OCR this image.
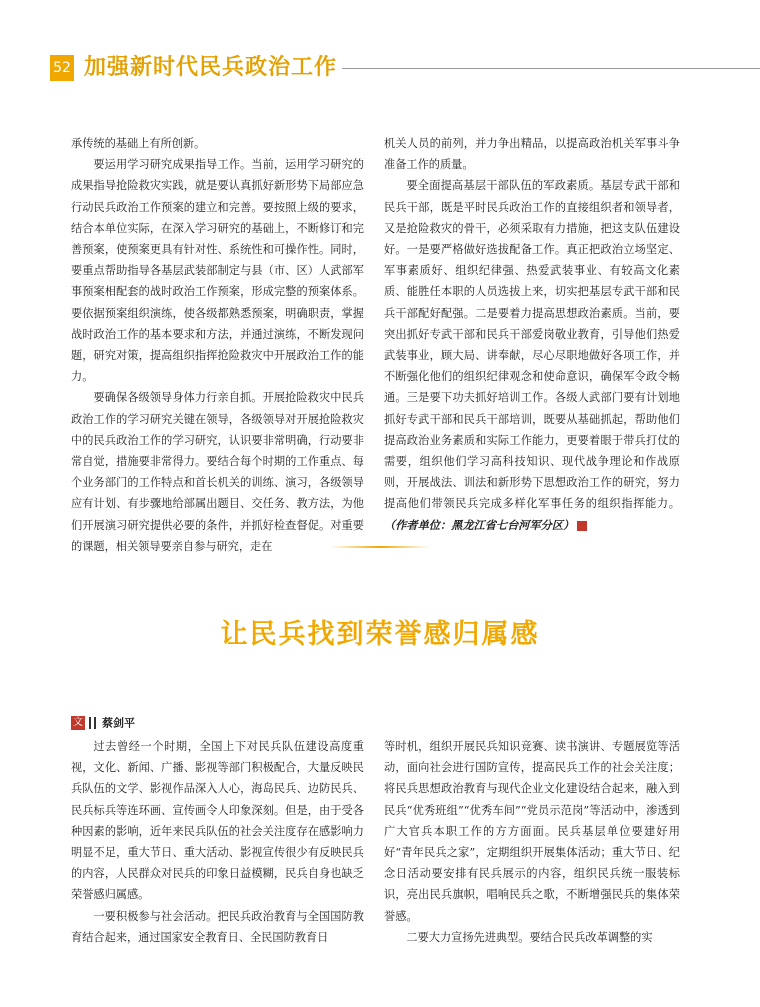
52 加强新时代民兵政治工作

承传统的基础上有所创新。

要运用学习研究成果指导工作。当前，运用学习研究的成果指导抢险救灾实践，就是要认真抓好新形势下局部应急行动民兵政治工作预案的建立和完善。要按照上级的要求，结合本单位实际，在深入学习研究的基础上，不断修订和完善预案，使预案更具有针对性、系统性和可操作性。同时，要重点帮助指导各基层武装部制定与县（市、区）人武部军事预案相配套的战时政治工作预案，形成完整的预案体系。要依据预案组织演练，使各级都熟悉预案，明确职责，掌握战时政治工作的基本要求和方法，并通过演练，不断发现问题，研究对策，提高组织指挥抢险救灾中开展政治工作的能力。

要确保各级领导身体力行亲自抓。开展抢险救灾中民兵政治工作的学习研究关键在领导，各级领导对开展抢险救灾中的民兵政治工作的学习研究，认识要非常明确，行动要非常自觉，措施要非常得力。要结合每个时期的工作重点、每个业务部门的工作特点和首长机关的训练、演习，各级领导应有计划、有步骤地给部属出题目、交任务、教方法，为他们开展演习研究提供必要的条件，并抓好检查督促。对重要的课题，相关领导要亲自参与研究，走在

机关人员的前列，并力争出精品，以提高政治机关军事斗争准备工作的质量。

要全面提高基层干部队伍的军政素质。基层专武干部和民兵干部，既是平时民兵政治工作的直接组织者和领导者，又是抢险救灾的骨干，必须采取有力措施，把这支队伍建设好。一是要严格做好选拔配备工作。真正把政治立场坚定、军事素质好、组织纪律强、热爱武装事业、有较高文化素质、能胜任本职的人员选拔上来，切实把基层专武干部和民兵干部配好配强。二是要着力提高思想政治素质。当前，要突出抓好专武干部和民兵干部爱岗敬业教育，引导他们热爱武装事业，顾大局、讲奉献，尽心尽职地做好各项工作，并不断强化他们的组织纪律观念和使命意识，确保军令政令畅通。三是要下功夫抓好培训工作。各级人武部门要有计划地抓好专武干部和民兵干部培训，既要从基础抓起，帮助他们提高政治业务素质和实际工作能力，更要着眼于带兵打仗的需要，组织他们学习高科技知识、现代战争理论和作战原则，开展战法、训法和新形势下思想政治工作的研究，努力提高他们带领民兵完成多样化军事任务的组织指挥能力。（作者单位：黑龙江省七台河军分区）	G

让民兵找到荣誉感归属感
文 蔡剑平

过去曾经一个时期，全国上下对民兵队伍建设高度重视，文化、新闻、广播、影视等部门积极配合，大量反映民兵队伍的文学、影视作品深入人心，海岛民兵、边防民兵、民兵标兵等连环画、宣传画令人印象深刻。但是，由于受各种因素的影响，近年来民兵队伍的社会关注度存在感影响力明显不足，重大节日、重大活动、影视宣传很少有反映民兵的内容，人民群众对民兵的印象日益模糊，民兵自身也缺乏荣誉感归属感。

一要积极参与社会活动。把民兵政治教育与全国国防教育结合起来，通过国家安全教育日、全民国防教育日

等时机，组织开展民兵知识竞赛、读书演讲、专题展览等活动，面向社会进行国防宣传，提高民兵工作的社会关注度；将民兵思想政治教育与现代企业文化建设结合起来，融入到民兵“优秀班组”“优秀车间”“党员示范岗”等活动中，渗透到广大官兵本职工作的方方面面。民兵基层单位要建好用好“青年民兵之家”，定期组织开展集体活动；重大节日、纪念日活动要安排有民兵展示的内容，组织民兵统一服装标识，亮出民兵旗帜，唱响民兵之歌，不断增强民兵的集体荣誉感。

二要大力宣扬先进典型。要结合民兵改革调整的实
